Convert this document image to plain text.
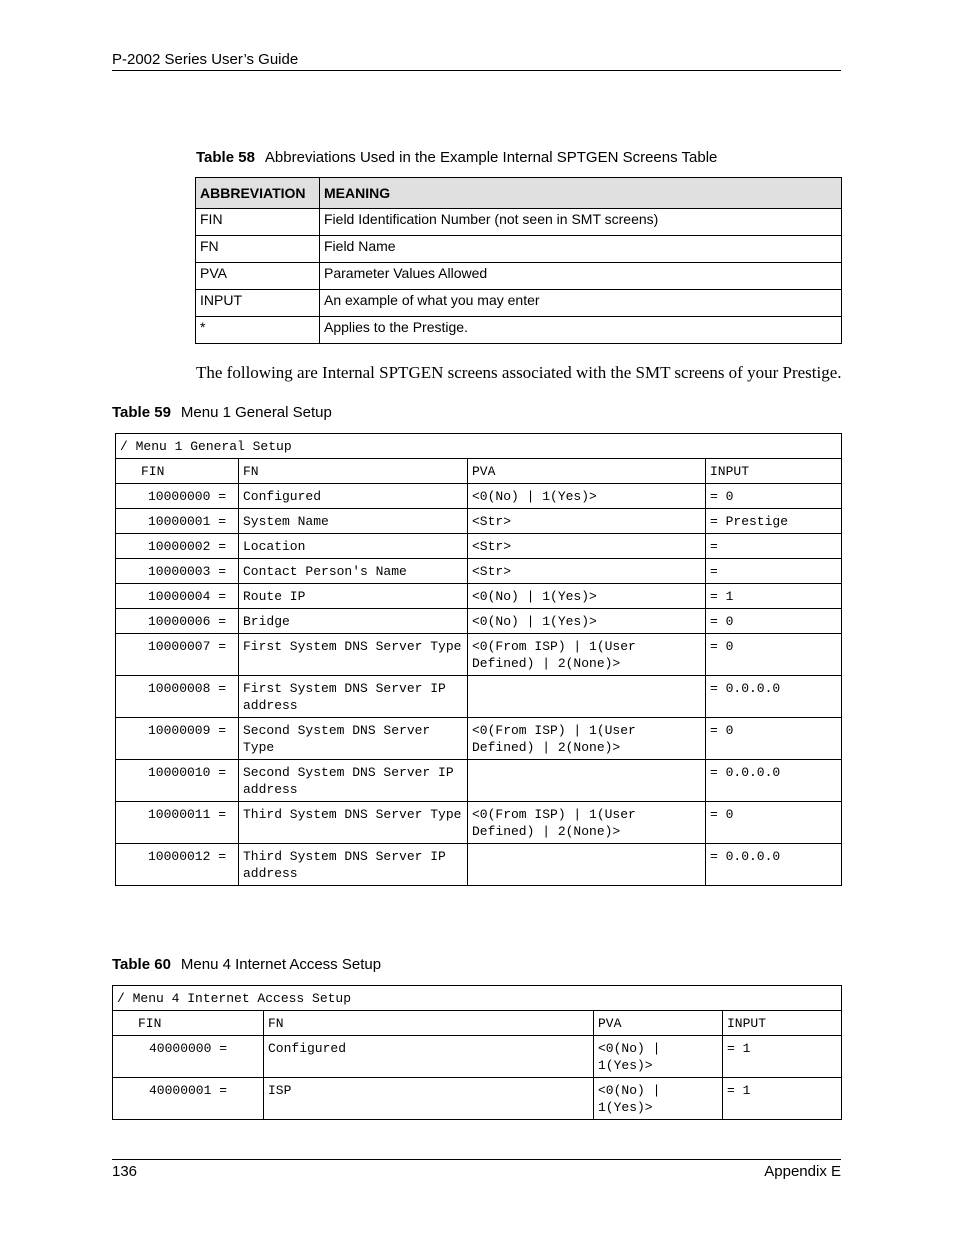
P-2002 Series User’s Guide
Table 58 Abbreviations Used in the Example Internal SPTGEN Screens Table
ABBREVIATION	MEANING
FIN	Field Identification Number (not seen in SMT screens)
FN	Field Name
PVA	Parameter Values Allowed
INPUT	An example of what you may enter
*	Applies to the Prestige.
The following are Internal SPTGEN screens associated with the SMT screens of your Prestige.
Table 59 Menu 1 General Setup
/ Menu 1 General Setup			
FIN	FN	PVA	INPUT
10000000 =	Configured	<0(No) | 1(Yes)>	= 0
10000001 =	System Name	<Str>	= Prestige
10000002 =	Location	<Str>	=
10000003 =	Contact Person's Name	<Str>	=
10000004 =	Route IP	<0(No) | 1(Yes)>	= 1
10000006 =	Bridge	<0(No) | 1(Yes)>	= 0
10000007 =	First System DNS Server Type	<0(From ISP) | 1(User Defined) | 2(None)>	= 0
10000008 =	First System DNS Server IP address		= 0.0.0.0
10000009 =	Second System DNS Server Type	<0(From ISP) | 1(User Defined) | 2(None)>	= 0
10000010 =	Second System DNS Server IP address		= 0.0.0.0
10000011 =	Third System DNS Server Type	<0(From ISP) | 1(User Defined) | 2(None)>	= 0
10000012 =	Third System DNS Server IP address		= 0.0.0.0
Table 60 Menu 4 Internet Access Setup
/ Menu 4 Internet Access Setup			
FIN	FN	PVA	INPUT
40000000 =	Configured	<0(No) | 1(Yes)>	= 1
40000001 =	ISP	<0(No) | 1(Yes)>	= 1
136	Appendix E
